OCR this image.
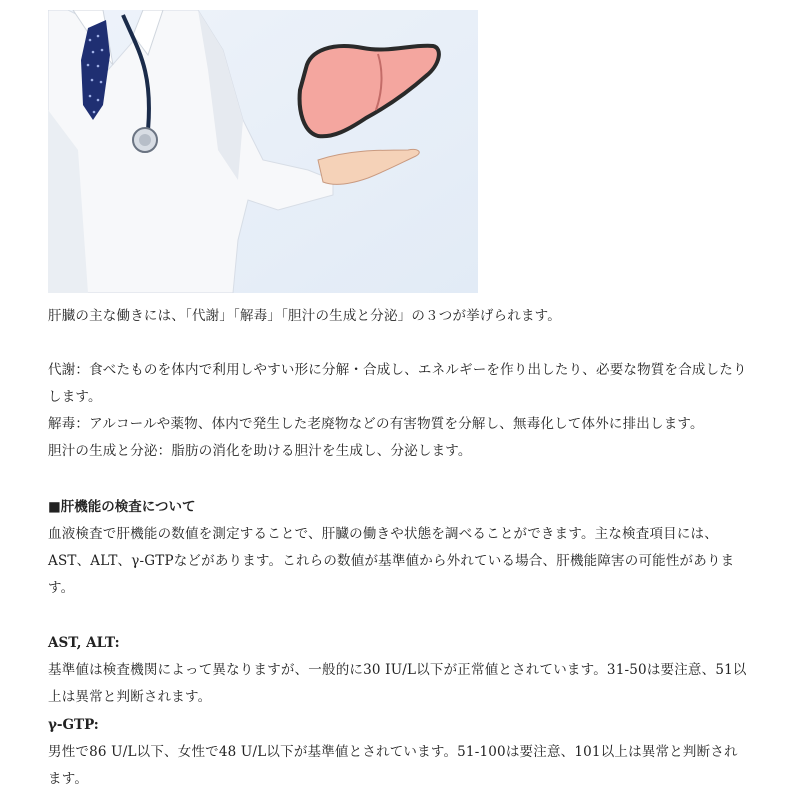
肝臓の主な働きには、「代謝」「解毒」「胆汁の生成と分泌」の３つが挙げられます。
代謝：食べたものを体内で利用しやすい形に分解・合成し、エネルギーを作り出したり、必要な物質を合成したりします。
解毒：アルコールや薬物、体内で発生した老廃物などの有害物質を分解し、無毒化して体外に排出します。
胆汁の生成と分泌：脂肪の消化を助ける胆汁を生成し、分泌します。
■肝機能の検査について
血液検査で肝機能の数値を測定することで、肝臓の働きや状態を調べることができます。主な検査項目には、AST、ALT、γ-GTPなどがあります。これらの数値が基準値から外れている場合、肝機能障害の可能性があります。
AST, ALT:
基準値は検査機関によって異なりますが、一般的に30 IU/L以下が正常値とされています。31-50は要注意、51以上は異常と判断されます。
γ-GTP:
男性で86 U/L以下、女性で48 U/L以下が基準値とされています。51-100は要注意、101以上は異常と判断されます。
